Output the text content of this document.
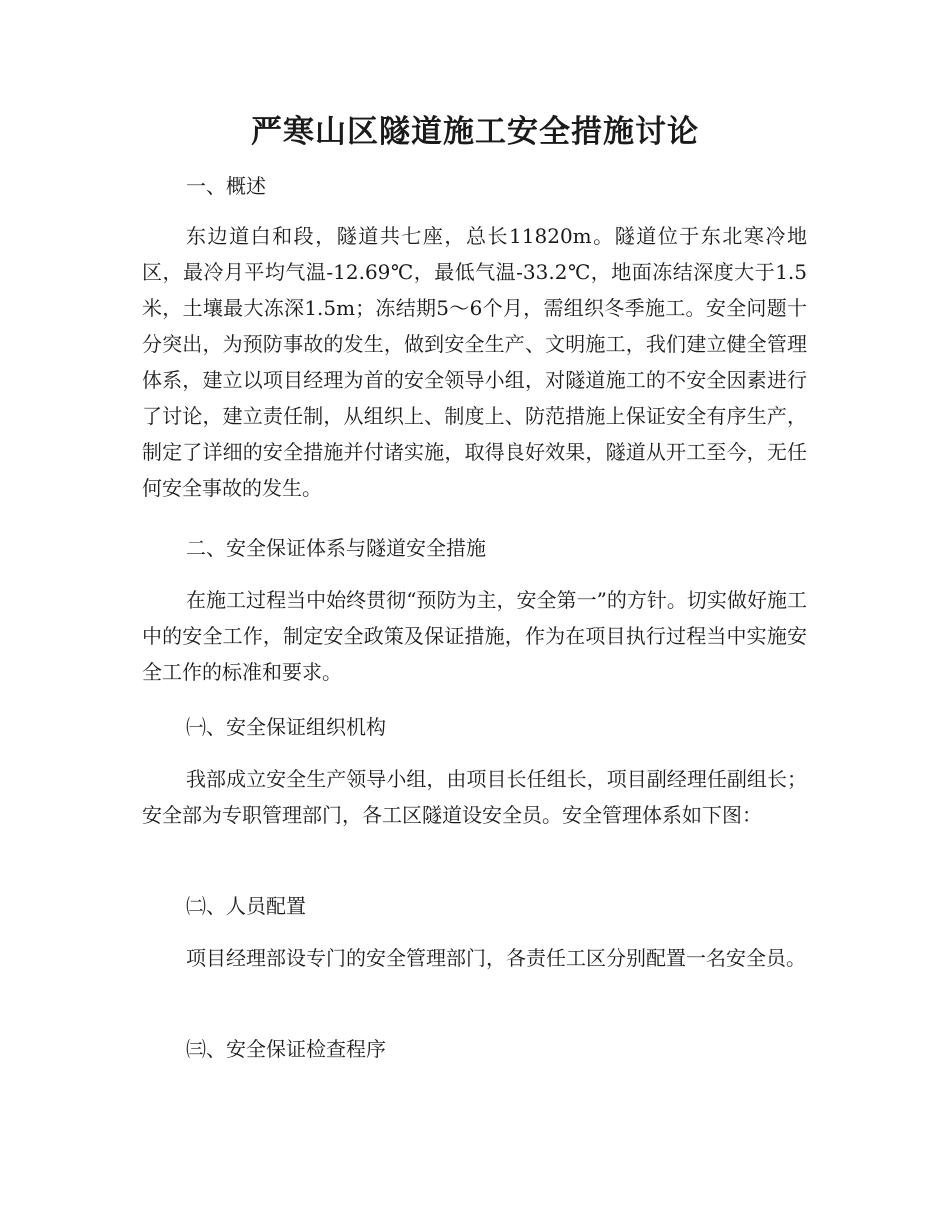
严寒山区隧道施工安全措施讨论

一、概述

东边道白和段，隧道共七座，总长11820m。隧道位于东北寒冷地区，最冷月平均气温-12.69℃，最低气温-33.2℃，地面冻结深度大于1.5米，土壤最大冻深1.5m；冻结期5～6个月，需组织冬季施工。安全问题十分突出，为预防事故的发生，做到安全生产、文明施工，我们建立健全管理体系，建立以项目经理为首的安全领导小组，对隧道施工的不安全因素进行了讨论，建立责任制，从组织上、制度上、防范措施上保证安全有序生产，制定了详细的安全措施并付诸实施，取得良好效果，隧道从开工至今，无任何安全事故的发生。

二、安全保证体系与隧道安全措施

在施工过程当中始终贯彻“预防为主，安全第一”的方针。切实做好施工中的安全工作，制定安全政策及保证措施，作为在项目执行过程当中实施安全工作的标准和要求。

㈠、安全保证组织机构

我部成立安全生产领导小组，由项目长任组长，项目副经理任副组长；安全部为专职管理部门，各工区隧道设安全员。安全管理体系如下图：

㈡、人员配置

项目经理部设专门的安全管理部门，各责任工区分别配置一名安全员。

㈢、安全保证检查程序
